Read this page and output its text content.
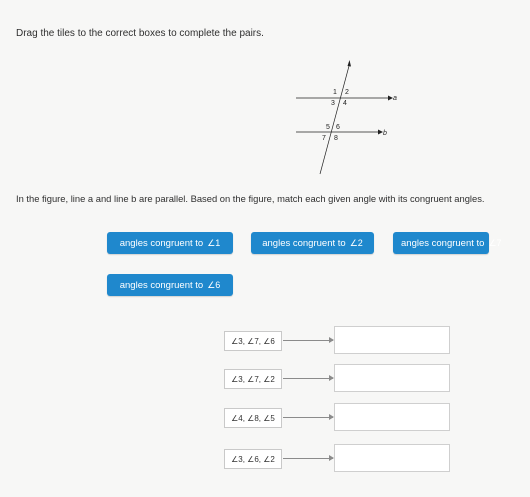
Drag the tiles to the correct boxes to complete the pairs.
1 2
3 4
5 6
7 8
a
b
In the figure, line a and line b are parallel. Based on the figure, match each given angle with its congruent angles.
angles congruent to ∠1	angles congruent to ∠2	angles congruent to ∠7
angles congruent to ∠6
∠3, ∠7, ∠6
∠3, ∠7, ∠2
∠4, ∠8, ∠5
∠3, ∠6, ∠2
